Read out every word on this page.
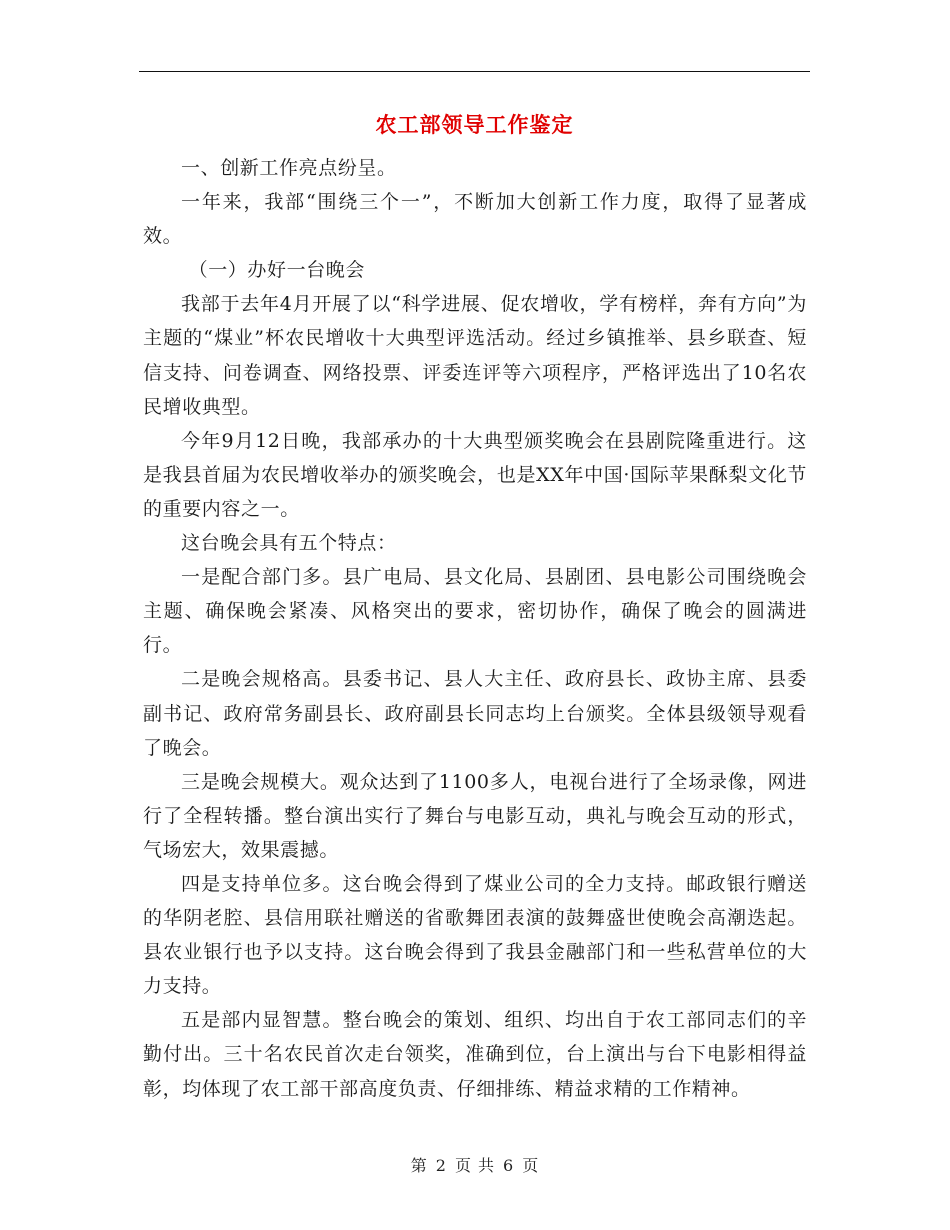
农工部领导工作鉴定

一、创新工作亮点纷呈。

一年来，我部“围绕三个一”，不断加大创新工作力度，取得了显著成效。

（一）办好一台晚会

我部于去年4月开展了以“科学进展、促农增收，学有榜样，奔有方向”为主题的“煤业”杯农民增收十大典型评选活动。经过乡镇推举、县乡联查、短信支持、问卷调查、网络投票、评委连评等六项程序，严格评选出了10名农民增收典型。

今年9月12日晚，我部承办的十大典型颁奖晚会在县剧院隆重进行。这是我县首届为农民增收举办的颁奖晚会，也是XX年中国·国际苹果酥梨文化节的重要内容之一。

这台晚会具有五个特点：

一是配合部门多。县广电局、县文化局、县剧团、县电影公司围绕晚会主题、确保晚会紧凑、风格突出的要求，密切协作，确保了晚会的圆满进行。

二是晚会规格高。县委书记、县人大主任、政府县长、政协主席、县委副书记、政府常务副县长、政府副县长同志均上台颁奖。全体县级领导观看了晚会。

三是晚会规模大。观众达到了1100多人，电视台进行了全场录像，网进行了全程转播。整台演出实行了舞台与电影互动，典礼与晚会互动的形式，气场宏大，效果震撼。

四是支持单位多。这台晚会得到了煤业公司的全力支持。邮政银行赠送的华阴老腔、县信用联社赠送的省歌舞团表演的鼓舞盛世使晚会高潮迭起。县农业银行也予以支持。这台晚会得到了我县金融部门和一些私营单位的大力支持。

五是部内显智慧。整台晚会的策划、组织、均出自于农工部同志们的辛勤付出。三十名农民首次走台领奖，准确到位，台上演出与台下电影相得益彰，均体现了农工部干部高度负责、仔细排练、精益求精的工作精神。

第 2 页 共 6 页
